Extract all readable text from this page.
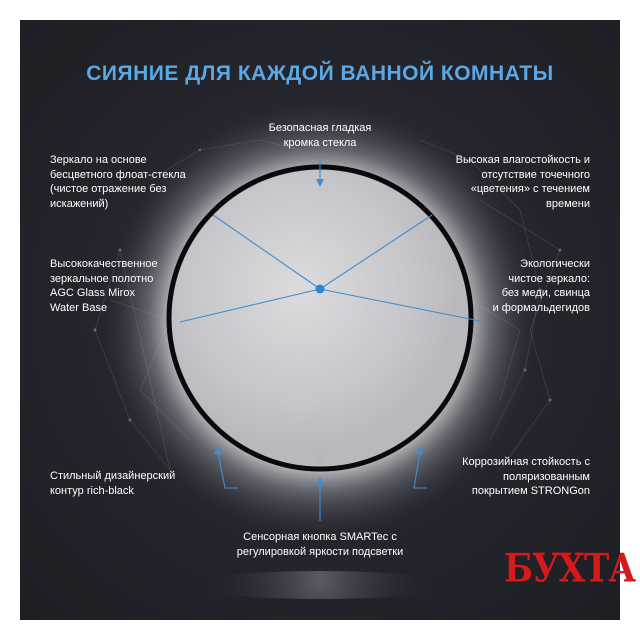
СИЯНИЕ ДЛЯ КАЖДОЙ ВАННОЙ КОМНАТЫ
Безопасная гладкая
кромка стекла
Зеркало на основе
бесцветного флоат-стекла
(чистое отражение без
искажений)
Высокая влагостойкость и
отсутствие точечного
«цветения» с течением
времени
Высококачественное
зеркальное полотно
AGC Glass Mirox
Water Base
Экологически
чистое зеркало:
без меди, свинца
и формальдегидов
Стильный дизайнерский
контур rich-black
Коррозийная стойкость с
поляризованным
покрытием STRONGon
Сенсорная кнопка SMARTec с
регулировкой яркости подсветки	БУХТА
